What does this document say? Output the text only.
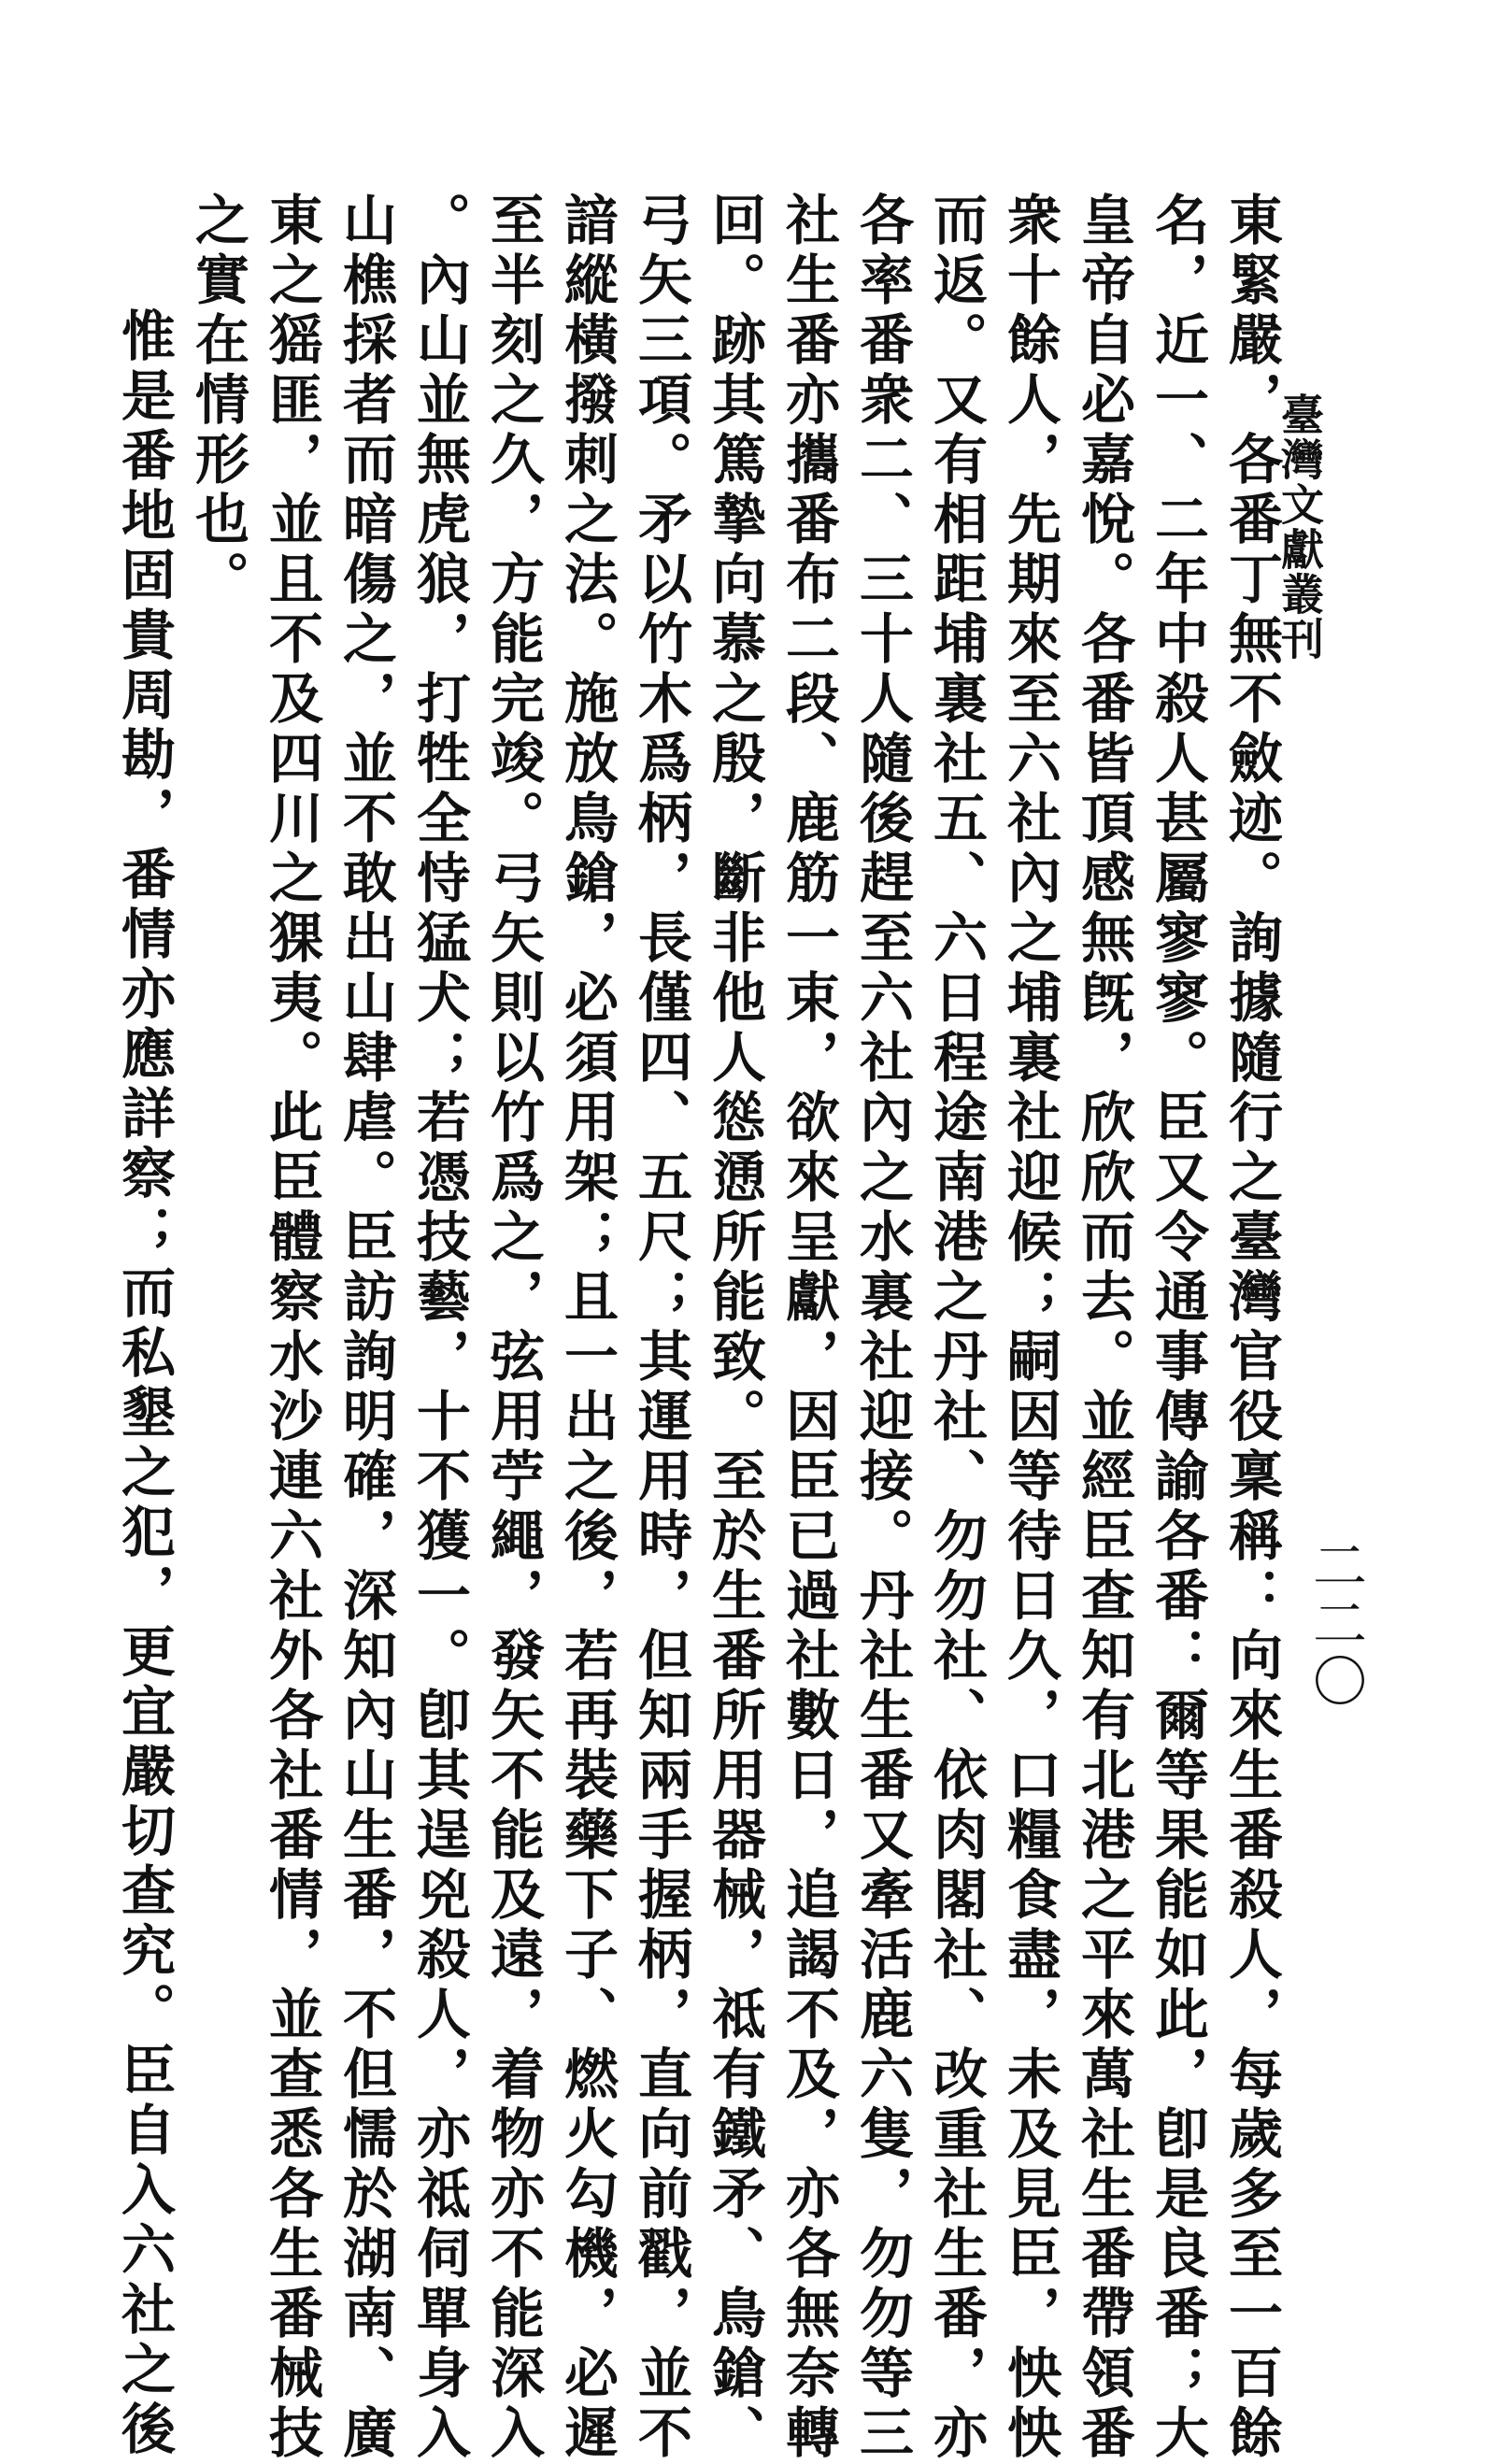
臺灣文獻叢刊
二二〇
東緊嚴，各番丁無不斂迹。詢據隨行之臺灣官役稟稱：向來生番殺人，每歲多至一百餘
名，近一、二年中殺人甚屬寥寥。臣又令通事傳諭各番：爾等果能如此，卽是良番；大
皇帝自必嘉悅。各番皆頂感無旣，欣欣而去。並經臣查知有北港之平來萬社生番帶領番
衆十餘人，先期來至六社內之埔裏社迎候；嗣因等待日久，口糧食盡，未及見臣，怏怏
而返。又有相距埔裏社五、六日程途南港之丹社、勿勿社、依肉閣社、改重社生番，亦
各率番衆二、三十人隨後趕至六社內之水裏社迎接。丹社生番又牽活鹿六隻，勿勿等三
社生番亦攜番布二段、鹿筋一束，欲來呈獻，因臣已過社數日，追謁不及，亦各無奈轉
回。跡其篤摯向慕之殷，斷非他人慫慂所能致。至於生番所用器械，祗有鐵矛、鳥鎗、
弓矢三項。矛以竹木爲柄，長僅四、五尺；其運用時，但知兩手握柄，直向前戳，並不
諳縱橫撥刺之法。施放鳥鎗，必須用架；且一出之後，若再裝藥下子、燃火勾機，必遲
至半刻之久，方能完竣。弓矢則以竹爲之，弦用苧繩，發矢不能及遠，着物亦不能深入
。內山並無虎狼，打牲全恃猛犬；若憑技藝，十不獲一。卽其逞兇殺人，亦祗伺單身入
山樵採者而暗傷之，並不敢出山肆虐。臣訪詢明確，深知內山生番，不但懦於湖南、廣
東之猺匪，並且不及四川之猓夷。此臣體察水沙連六社外各社番情，並查悉各生番械技
之實在情形也。
惟是番地固貴周勘，番情亦應詳察；而私墾之犯，更宜嚴切查究。臣自入六社之後
